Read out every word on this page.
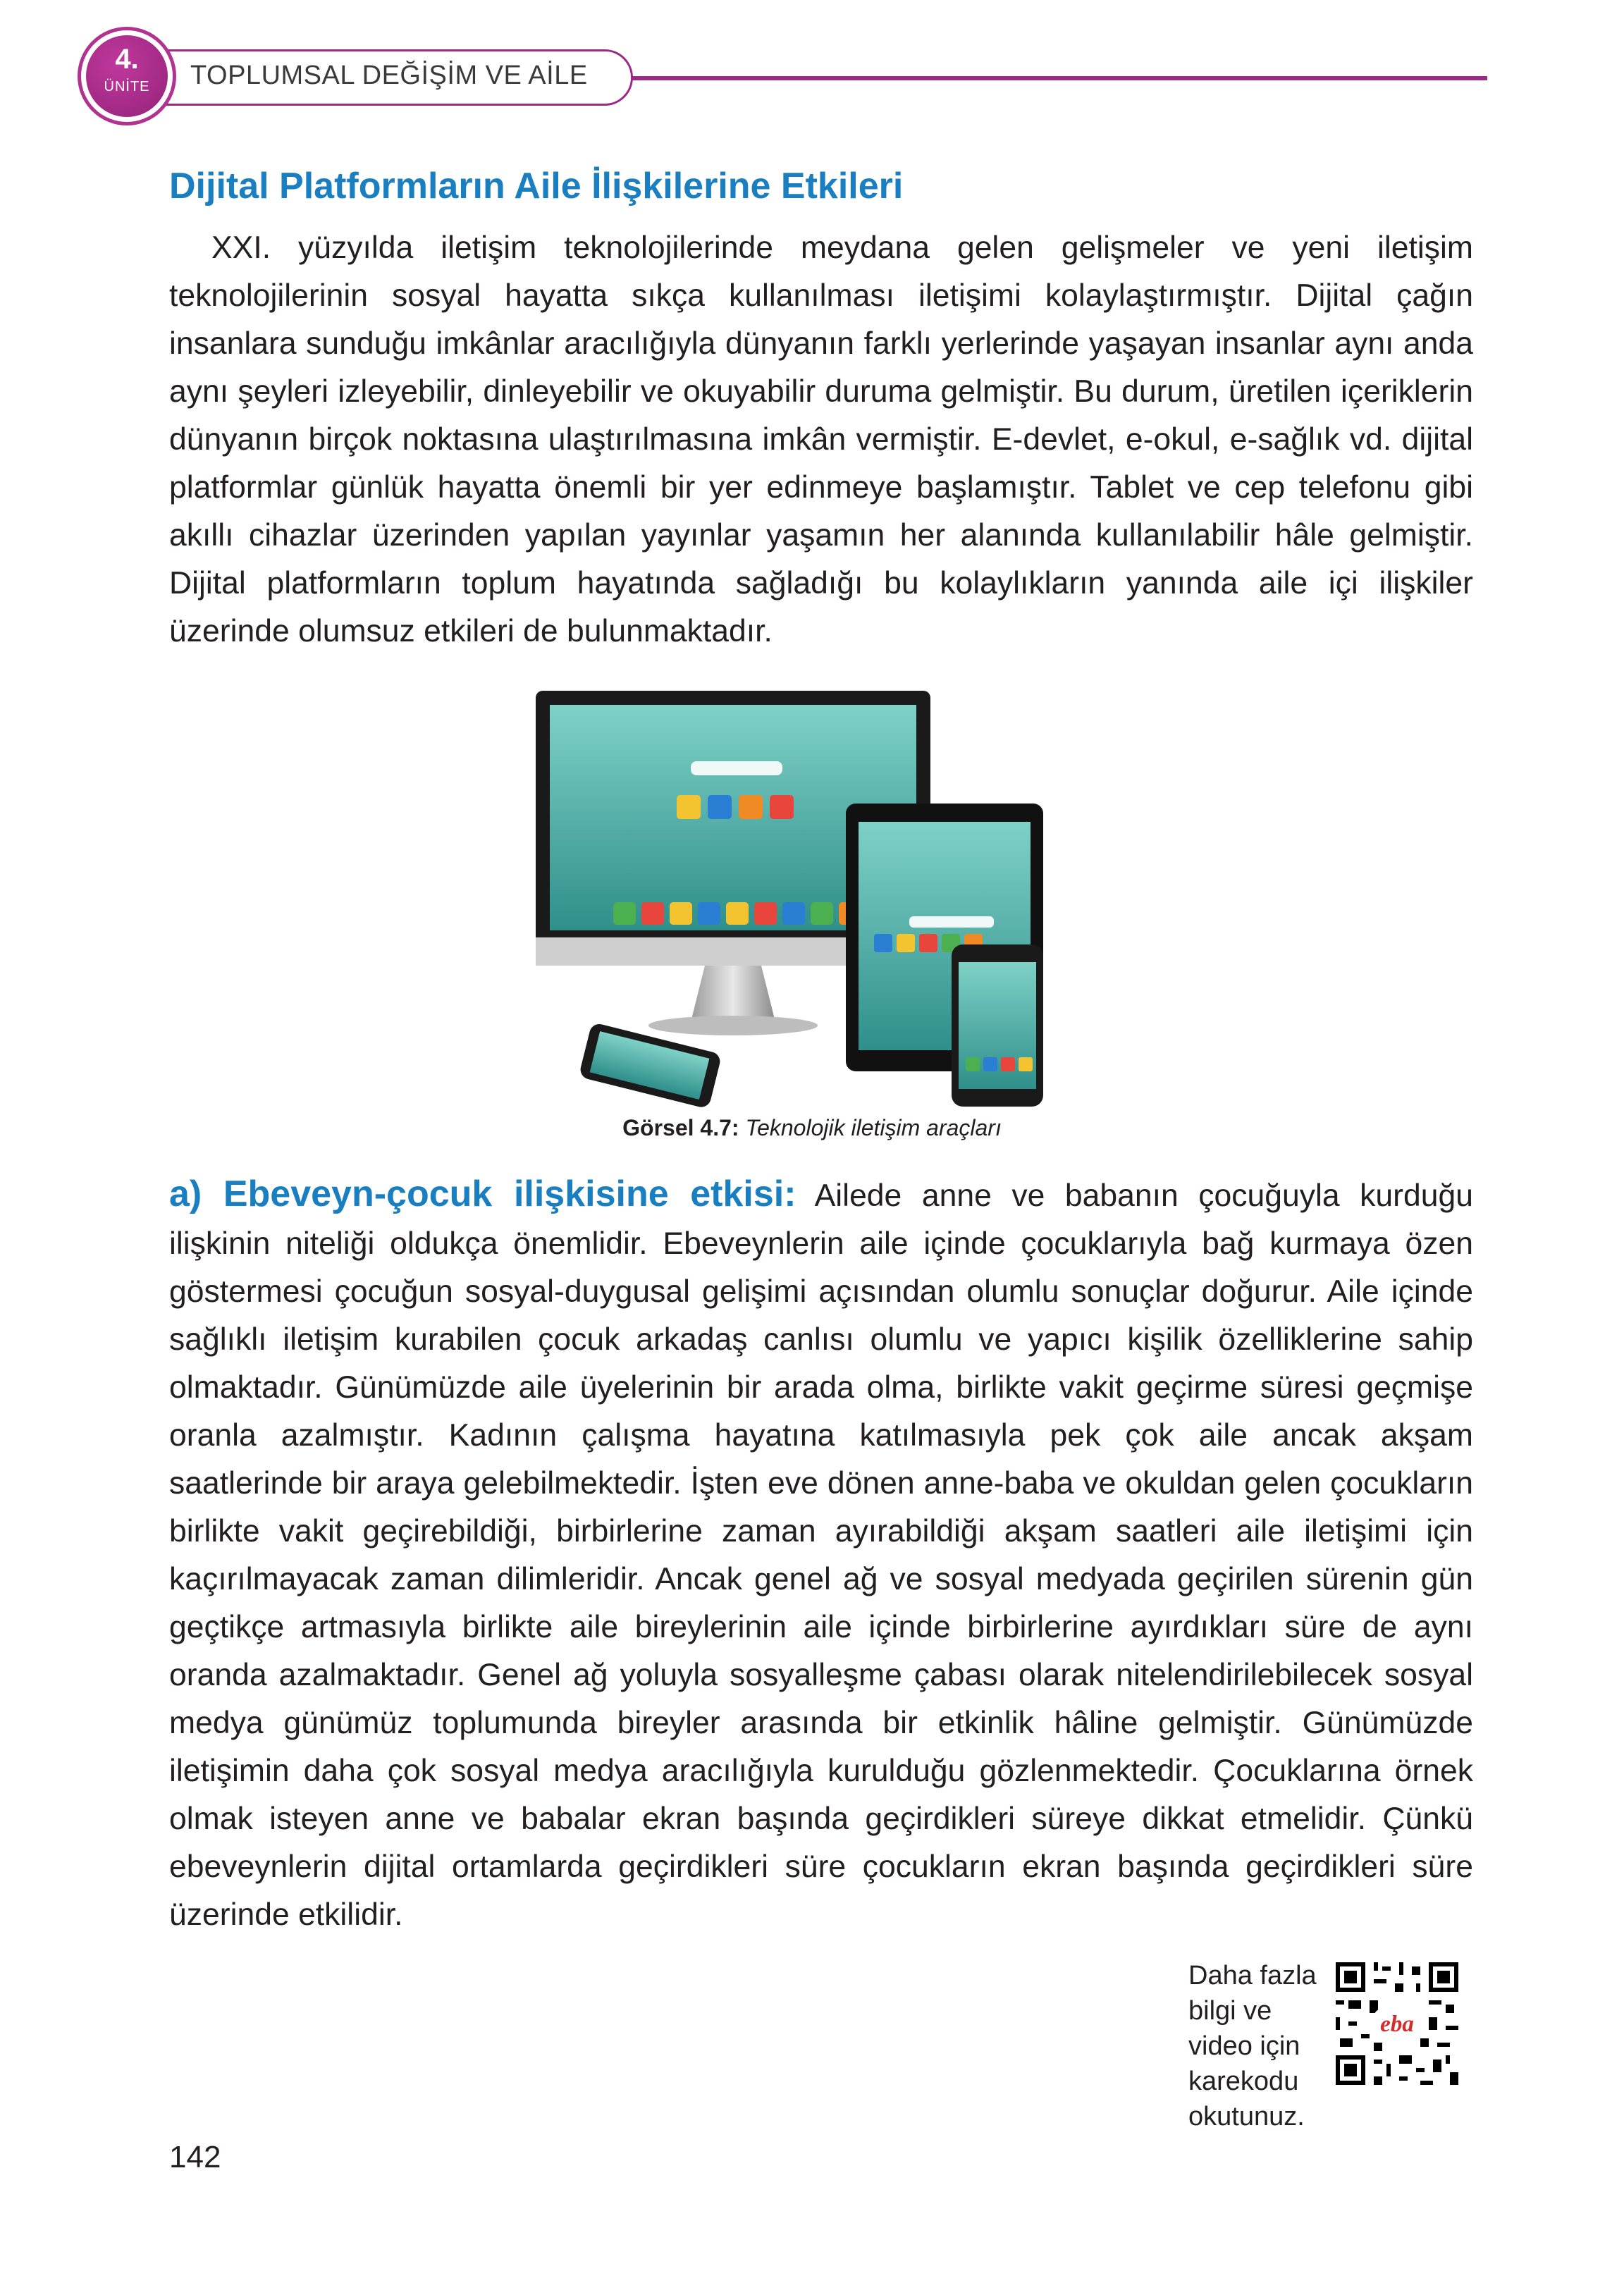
TOPLUMSAL DEĞİŞİM VE AİLE
4.
ÜNİTE
Dijital Platformların Aile İlişkilerine Etkileri
XXI. yüzyılda iletişim teknolojilerinde meydana gelen gelişmeler ve yeni iletişim teknolojilerinin sosyal hayatta sıkça kullanılması iletişimi kolaylaştırmıştır. Dijital çağın insanlara sunduğu imkânlar aracılığıyla dünyanın farklı yerlerinde yaşayan insanlar aynı anda aynı şeyleri izleyebilir, dinleyebilir ve okuyabilir duruma gelmiştir. Bu durum, üretilen içeriklerin dünyanın birçok noktasına ulaştırılmasına imkân vermiştir. E-devlet, e-okul, e-sağlık vd. dijital platformlar günlük hayatta önemli bir yer edinmeye başlamıştır. Tablet ve cep telefonu gibi akıllı cihazlar üzerinden yapılan yayınlar yaşamın her alanında kullanılabilir hâle gelmiştir. Dijital platformların toplum hayatında sağladığı bu kolaylıkların yanında aile içi ilişkiler üzerinde olumsuz etkileri de bulunmaktadır.
Görsel 4.7: Teknolojik iletişim araçları
a) Ebeveyn-çocuk ilişkisine etkisi: Ailede anne ve babanın çocuğuyla kurduğu ilişkinin niteliği oldukça önemlidir. Ebeveynlerin aile içinde çocuklarıyla bağ kurmaya özen göstermesi çocuğun sosyal-duygusal gelişimi açısından olumlu sonuçlar doğurur. Aile içinde sağlıklı iletişim kurabilen çocuk arkadaş canlısı olumlu ve yapıcı kişilik özelliklerine sahip olmaktadır. Günümüzde aile üyelerinin bir arada olma, birlikte vakit geçirme süresi geçmişe oranla azalmıştır. Kadının çalışma hayatına katılmasıyla pek çok aile ancak akşam saatlerinde bir araya gelebilmektedir. İşten eve dönen anne-baba ve okuldan gelen çocukların birlikte vakit geçirebildiği, birbirlerine zaman ayırabildiği akşam saatleri aile iletişimi için kaçırılmayacak zaman dilimleridir. Ancak genel ağ ve sosyal medyada geçirilen sürenin gün geçtikçe artmasıyla birlikte aile bireylerinin aile içinde birbirlerine ayırdıkları süre de aynı oranda azalmaktadır. Genel ağ yoluyla sosyalleşme çabası olarak nitelendirilebilecek sosyal medya günümüz toplumunda bireyler arasında bir etkinlik hâline gelmiştir. Günümüzde iletişimin daha çok sosyal medya aracılığıyla kurulduğu gözlenmektedir. Çocuklarına örnek olmak isteyen anne ve babalar ekran başında geçirdikleri süreye dikkat etmelidir. Çünkü ebeveynlerin dijital ortamlarda geçirdikleri süre çocukların ekran başında geçirdikleri süre üzerinde etkilidir.
Daha fazla
bilgi ve
video için
karekodu
okutunuz.
eba
142
